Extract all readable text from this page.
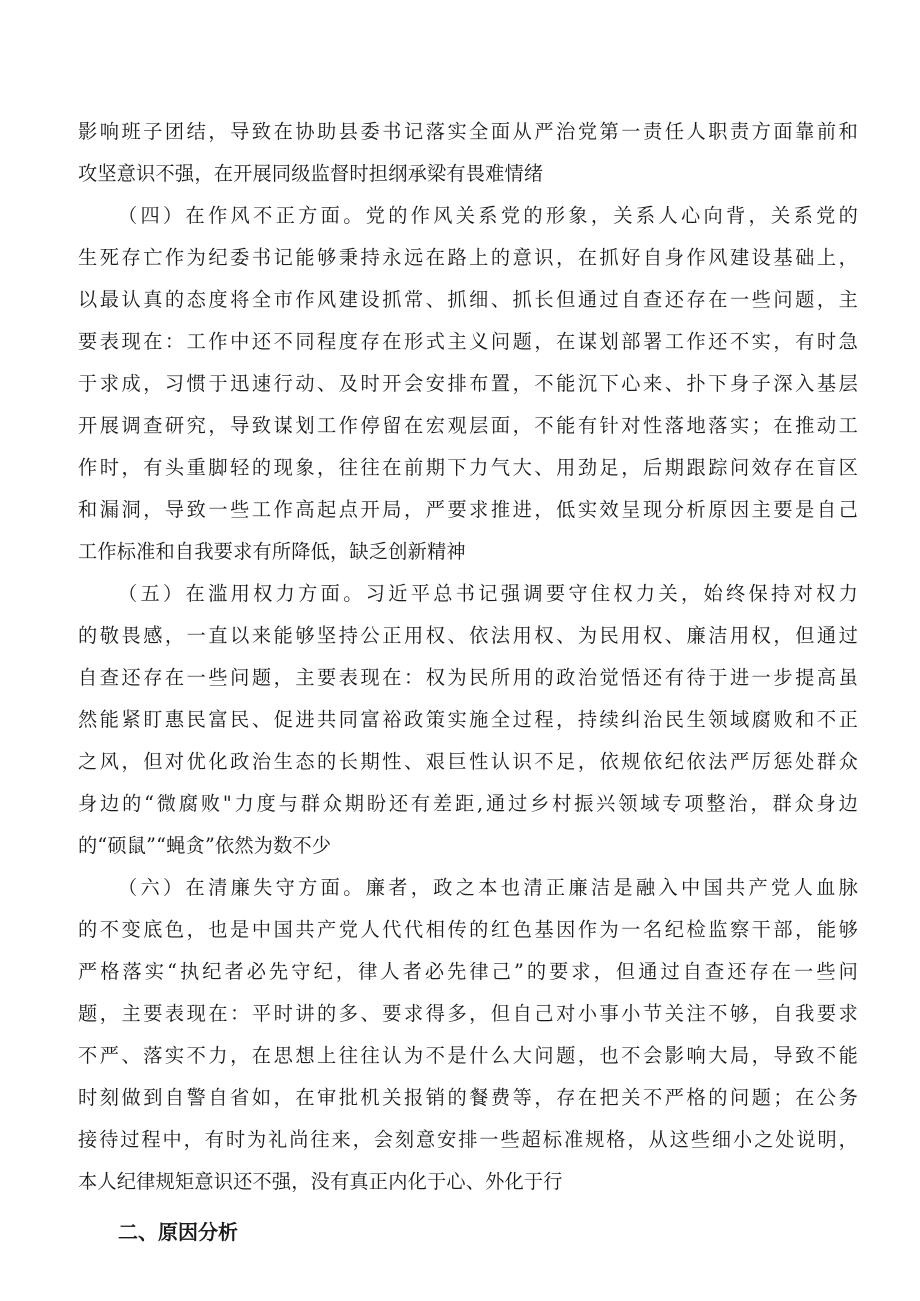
影响班子团结，导致在协助县委书记落实全面从严治党第一责任人职责方面靠前和
攻坚意识不强，在开展同级监督时担纲承梁有畏难情绪
（四）在作风不正方面。党的作风关系党的形象，关系人心向背，关系党的
生死存亡作为纪委书记能够秉持永远在路上的意识，在抓好自身作风建设基础上，
以最认真的态度将全市作风建设抓常、抓细、抓长但通过自查还存在一些问题，主
要表现在：工作中还不同程度存在形式主义问题，在谋划部署工作还不实，有时急
于求成，习惯于迅速行动、及时开会安排布置，不能沉下心来、扑下身子深入基层
开展调查研究，导致谋划工作停留在宏观层面，不能有针对性落地落实；在推动工
作时，有头重脚轻的现象，往往在前期下力气大、用劲足，后期跟踪问效存在盲区
和漏洞，导致一些工作高起点开局，严要求推进，低实效呈现分析原因主要是自己
工作标准和自我要求有所降低，缺乏创新精神
（五）在滥用权力方面。习近平总书记强调要守住权力关，始终保持对权力
的敬畏感，一直以来能够坚持公正用权、依法用权、为民用权、廉洁用权，但通过
自查还存在一些问题，主要表现在：权为民所用的政治觉悟还有待于进一步提高虽
然能紧盯惠民富民、促进共同富裕政策实施全过程，持续纠治民生领域腐败和不正
之风，但对优化政治生态的长期性、艰巨性认识不足，依规依纪依法严厉惩处群众
身边的“微腐败"力度与群众期盼还有差距,通过乡村振兴领域专项整治，群众身边
的“硕鼠”“蝇贪”依然为数不少
（六）在清廉失守方面。廉者，政之本也清正廉洁是融入中国共产党人血脉
的不变底色，也是中国共产党人代代相传的红色基因作为一名纪检监察干部，能够
严格落实“执纪者必先守纪，律人者必先律己”的要求，但通过自查还存在一些问
题，主要表现在：平时讲的多、要求得多，但自己对小事小节关注不够，自我要求
不严、落实不力，在思想上往往认为不是什么大问题，也不会影响大局，导致不能
时刻做到自警自省如，在审批机关报销的餐费等，存在把关不严格的问题；在公务
接待过程中，有时为礼尚往来，会刻意安排一些超标准规格，从这些细小之处说明，
本人纪律规矩意识还不强，没有真正内化于心、外化于行
二、原因分析
